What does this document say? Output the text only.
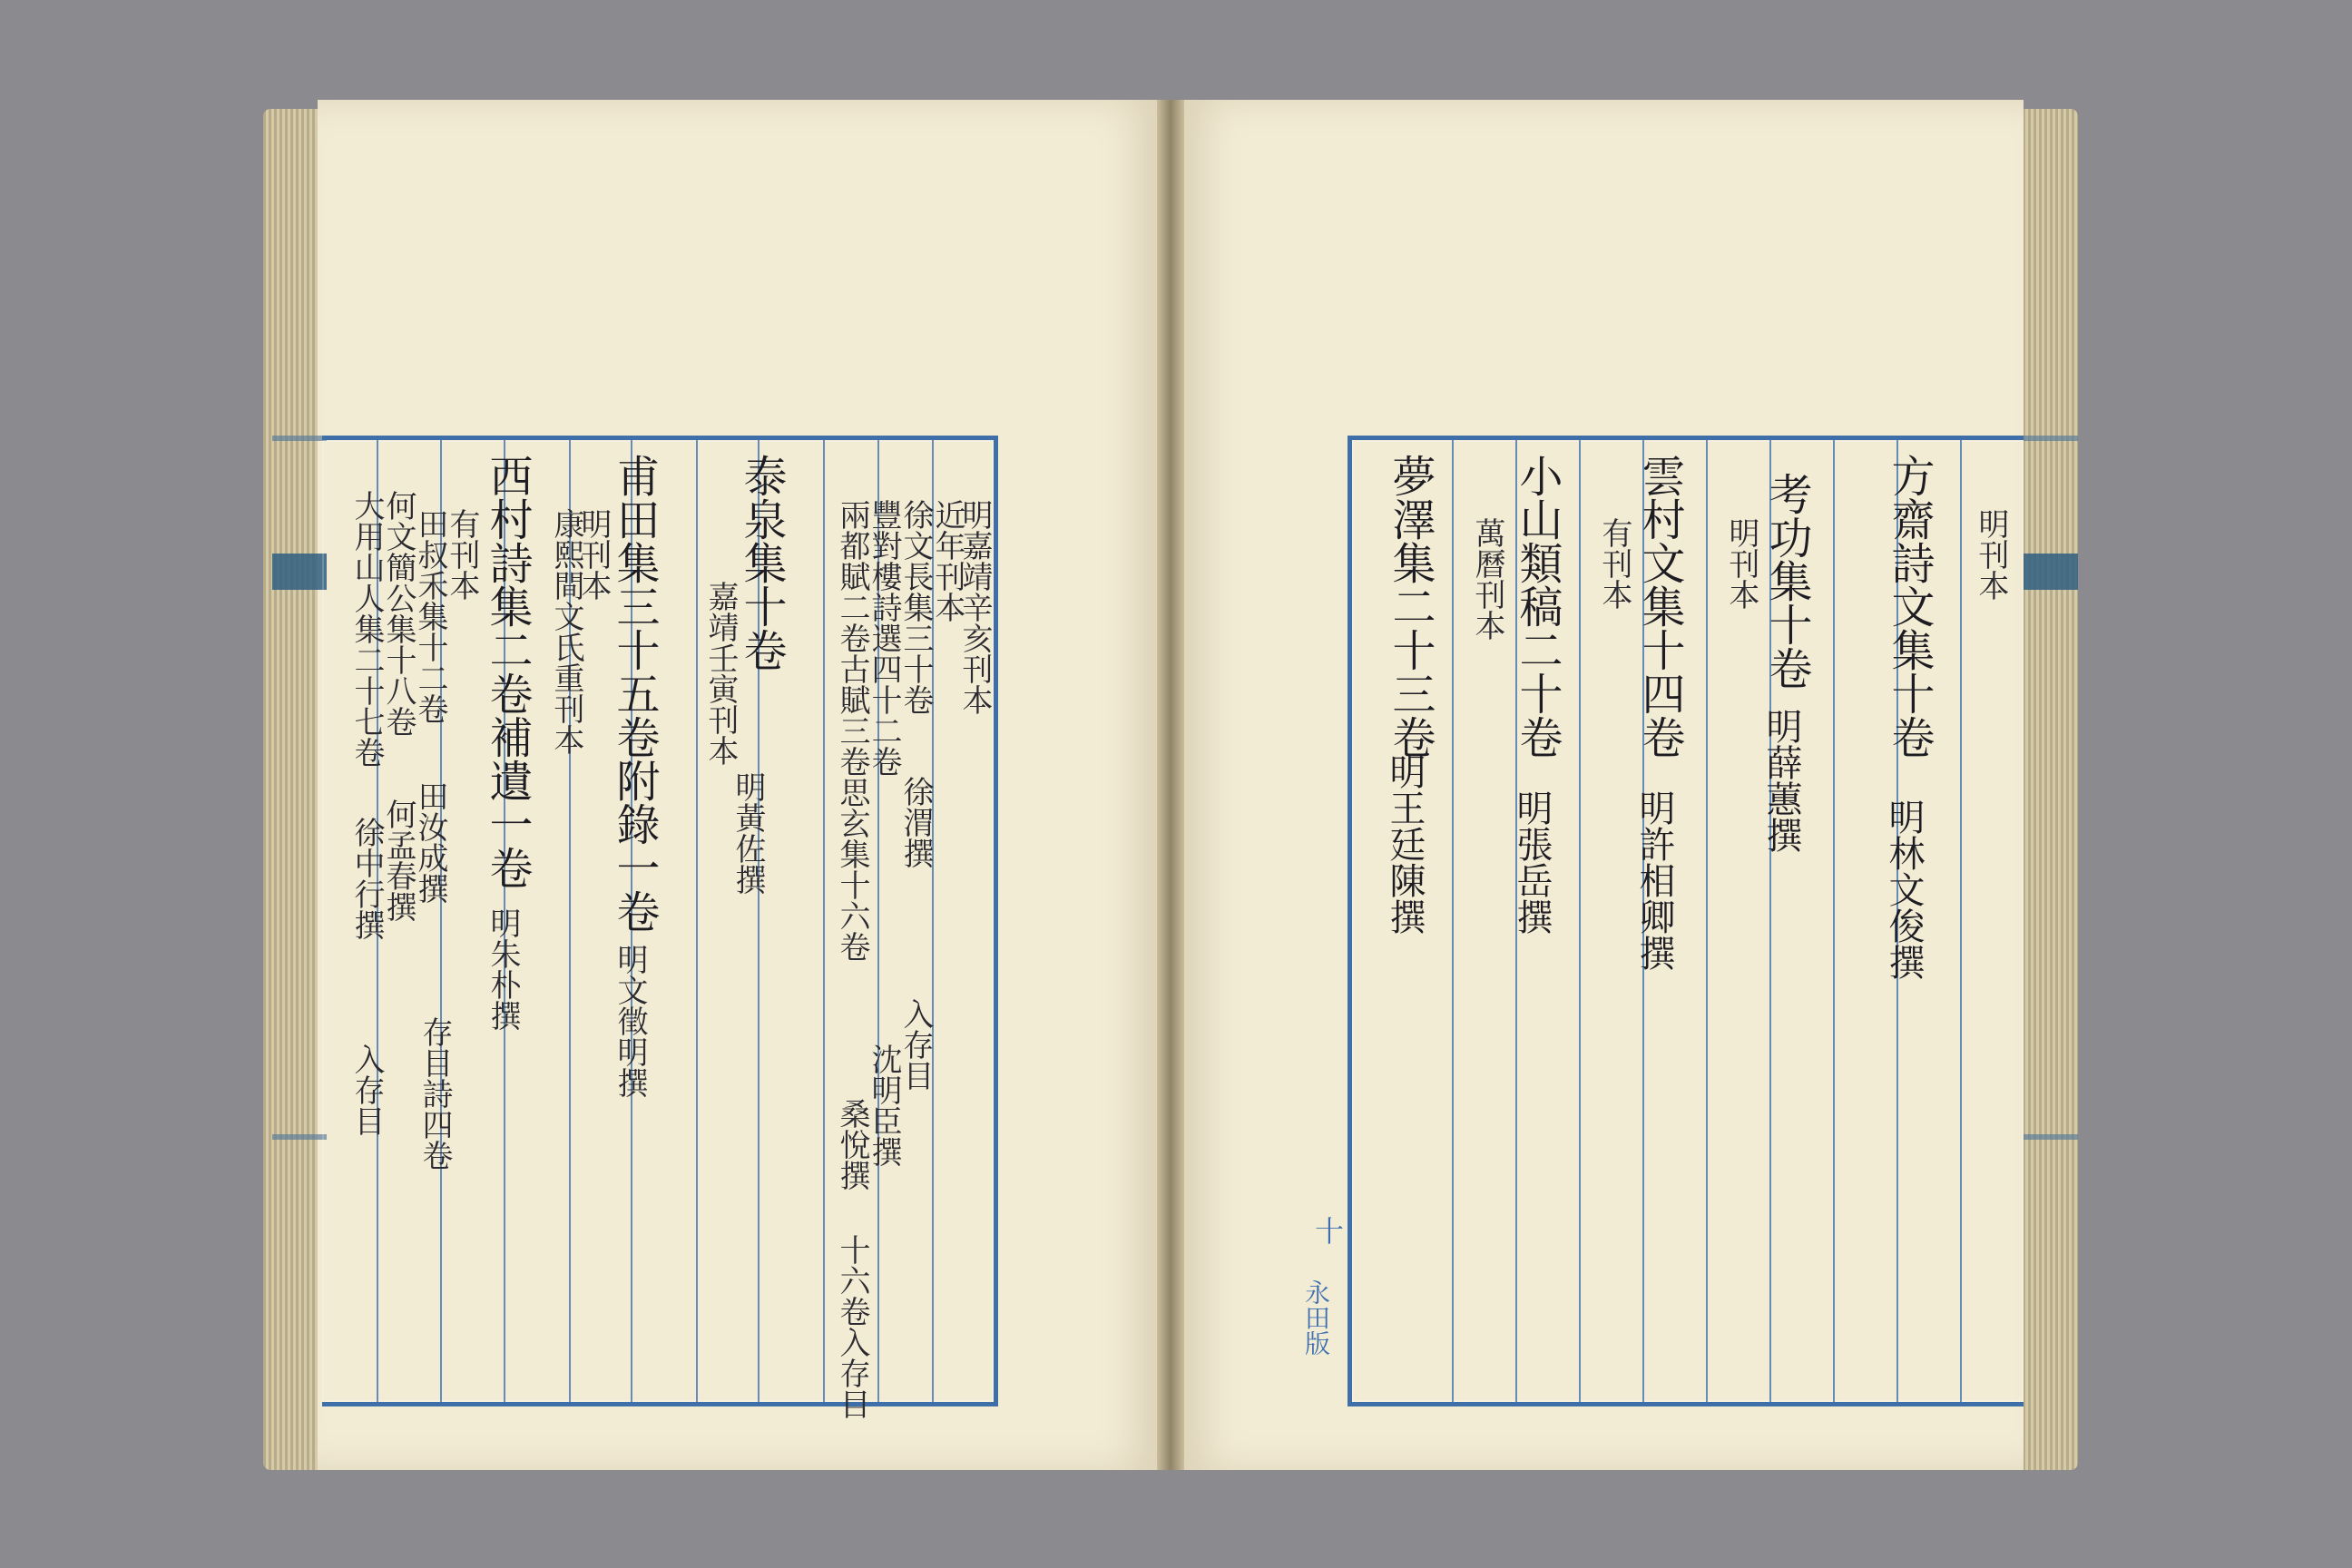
明嘉靖辛亥刊本
近年刊本
徐文長集三十卷
徐渭撰
入存目
豐對樓詩選四十二卷
兩都賦二卷古賦三卷思玄集十六卷
沈明臣撰
桑悅撰
十六卷入存目
泰泉集十卷
嘉靖壬寅刊本
明黃佐撰
甫田集三十五卷附錄一卷
明文徵明撰
明刊本
康熙間文氏重刊本
西村詩集二卷補遺一卷
明朱朴撰
有刊本
田叔禾集十二卷
田汝成撰
存目詩四卷
何文簡公集十八卷
何孟春撰
大用山人集二十七卷
徐中行撰
入存目
明刊本
方齋詩文集十卷
明林文俊撰
考功集十卷
明薛蕙撰
明刊本
雲村文集十四卷
明許相卿撰
有刊本
小山類稿二十卷
明張岳撰
萬曆刊本
夢澤集二十三卷
明王廷陳撰
十
永田版
